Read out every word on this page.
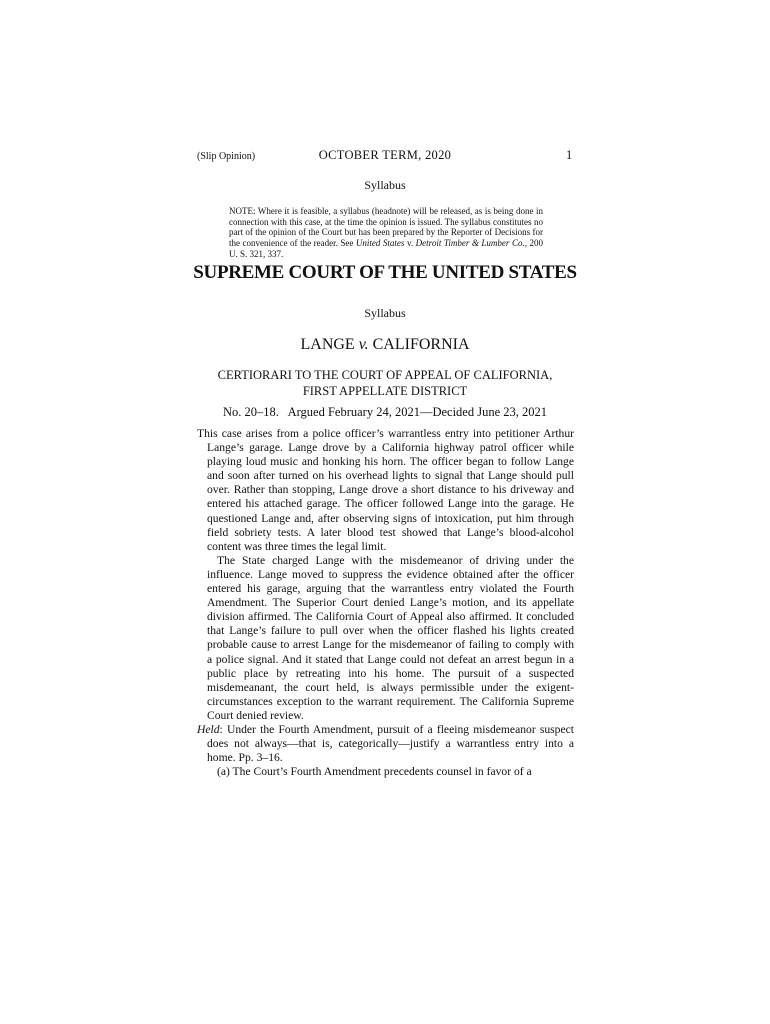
(Slip Opinion)	OCTOBER TERM, 2020	1
Syllabus
NOTE: Where it is feasible, a syllabus (headnote) will be released, as is being done in connection with this case, at the time the opinion is issued. The syllabus constitutes no part of the opinion of the Court but has been prepared by the Reporter of Decisions for the convenience of the reader. See United States v. Detroit Timber & Lumber Co., 200 U. S. 321, 337.
SUPREME COURT OF THE UNITED STATES
Syllabus
LANGE v. CALIFORNIA
CERTIORARI TO THE COURT OF APPEAL OF CALIFORNIA,
FIRST APPELLATE DISTRICT
No. 20–18.   Argued February 24, 2021—Decided June 23, 2021

This case arises from a police officer’s warrantless entry into petitioner Arthur Lange’s garage. Lange drove by a California highway patrol officer while playing loud music and honking his horn. The officer began to follow Lange and soon after turned on his overhead lights to signal that Lange should pull over. Rather than stopping, Lange drove a short distance to his driveway and entered his attached garage. The officer followed Lange into the garage. He questioned Lange and, after observing signs of intoxication, put him through field sobriety tests. A later blood test showed that Lange’s blood-alcohol content was three times the legal limit.

The State charged Lange with the misdemeanor of driving under the influence. Lange moved to suppress the evidence obtained after the officer entered his garage, arguing that the warrantless entry violated the Fourth Amendment. The Superior Court denied Lange’s motion, and its appellate division affirmed. The California Court of Appeal also affirmed. It concluded that Lange’s failure to pull over when the officer flashed his lights created probable cause to arrest Lange for the misdemeanor of failing to comply with a police signal. And it stated that Lange could not defeat an arrest begun in a public place by retreating into his home. The pursuit of a suspected misdemeanant, the court held, is always permissible under the exigent-circumstances exception to the warrant requirement. The California Supreme Court denied review.

Held: Under the Fourth Amendment, pursuit of a fleeing misdemeanor suspect does not always—that is, categorically—justify a warrantless entry into a home. Pp. 3–16.

(a) The Court’s Fourth Amendment precedents counsel in favor of a
